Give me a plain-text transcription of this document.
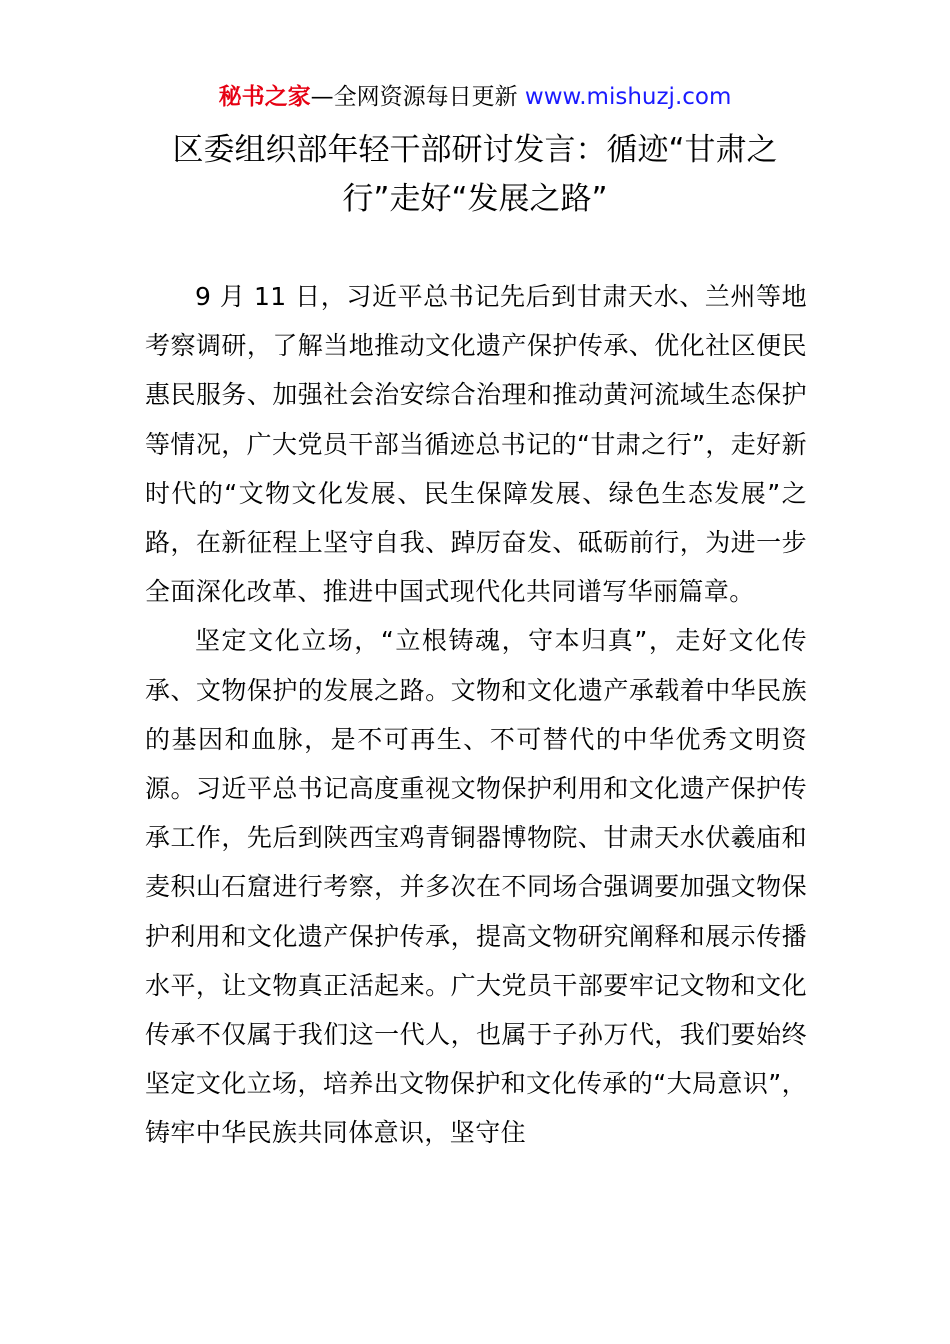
秘书之家—全网资源每日更新 www.mishuzj.com
区委组织部年轻干部研讨发言：循迹“甘肃之行”走好“发展之路”

9 月 11 日，习近平总书记先后到甘肃天水、兰州等地考察调研，了解当地推动文化遗产保护传承、优化社区便民惠民服务、加强社会治安综合治理和推动黄河流域生态保护等情况，广大党员干部当循迹总书记的“甘肃之行”，走好新时代的“文物文化发展、民生保障发展、绿色生态发展”之路，在新征程上坚守自我、踔厉奋发、砥砺前行，为进一步全面深化改革、推进中国式现代化共同谱写华丽篇章。

坚定文化立场，“立根铸魂，守本归真”，走好文化传承、文物保护的发展之路。文物和文化遗产承载着中华民族的基因和血脉，是不可再生、不可替代的中华优秀文明资源。习近平总书记高度重视文物保护利用和文化遗产保护传承工作，先后到陕西宝鸡青铜器博物院、甘肃天水伏羲庙和麦积山石窟进行考察，并多次在不同场合强调要加强文物保护利用和文化遗产保护传承，提高文物研究阐释和展示传播水平，让文物真正活起来。广大党员干部要牢记文物和文化传承不仅属于我们这一代人，也属于子孙万代，我们要始终坚定文化立场，培养出文物保护和文化传承的“大局意识”，铸牢中华民族共同体意识，坚守住
